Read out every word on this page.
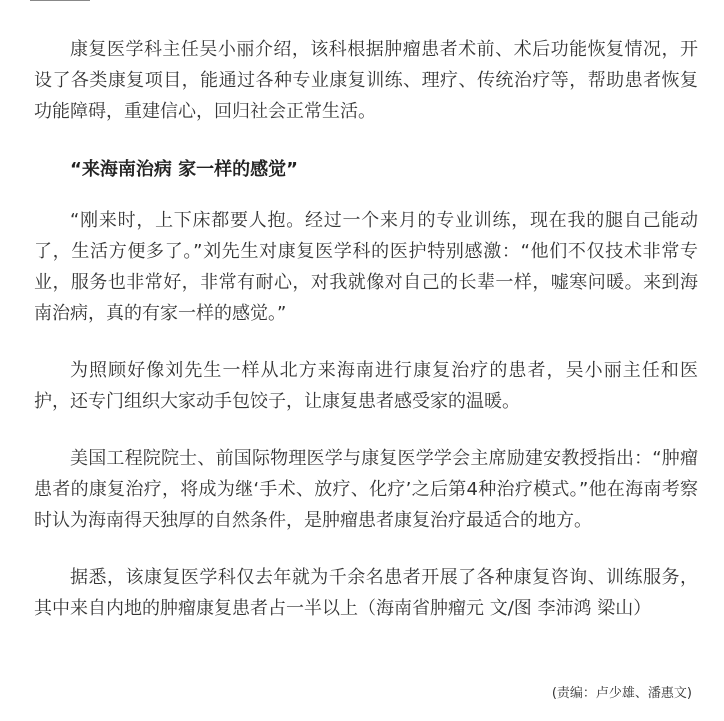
康复医学科主任吴小丽介绍，该科根据肿瘤患者术前、术后功能恢复情况，开设了各类康复项目，能通过各种专业康复训练、理疗、传统治疗等，帮助患者恢复功能障碍，重建信心，回归社会正常生活。

“来海南治病 家一样的感觉”

“刚来时，上下床都要人抱。经过一个来月的专业训练，现在我的腿自己能动了，生活方便多了。”刘先生对康复医学科的医护特别感激：“他们不仅技术非常专业，服务也非常好，非常有耐心，对我就像对自己的长辈一样，嘘寒问暖。来到海南治病，真的有家一样的感觉。”

为照顾好像刘先生一样从北方来海南进行康复治疗的患者，吴小丽主任和医护，还专门组织大家动手包饺子，让康复患者感受家的温暖。

美国工程院院士、前国际物理医学与康复医学学会主席励建安教授指出：“肿瘤患者的康复治疗，将成为继‘手术、放疗、化疗’之后第4种治疗模式。”他在海南考察时认为海南得天独厚的自然条件，是肿瘤患者康复治疗最适合的地方。

据悉，该康复医学科仅去年就为千余名患者开展了各种康复咨询、训练服务，其中来自内地的肿瘤康复患者占一半以上（海南省肿瘤元 文/图 李沛鸿 梁山）

(责编：卢少雄、潘惠文)
